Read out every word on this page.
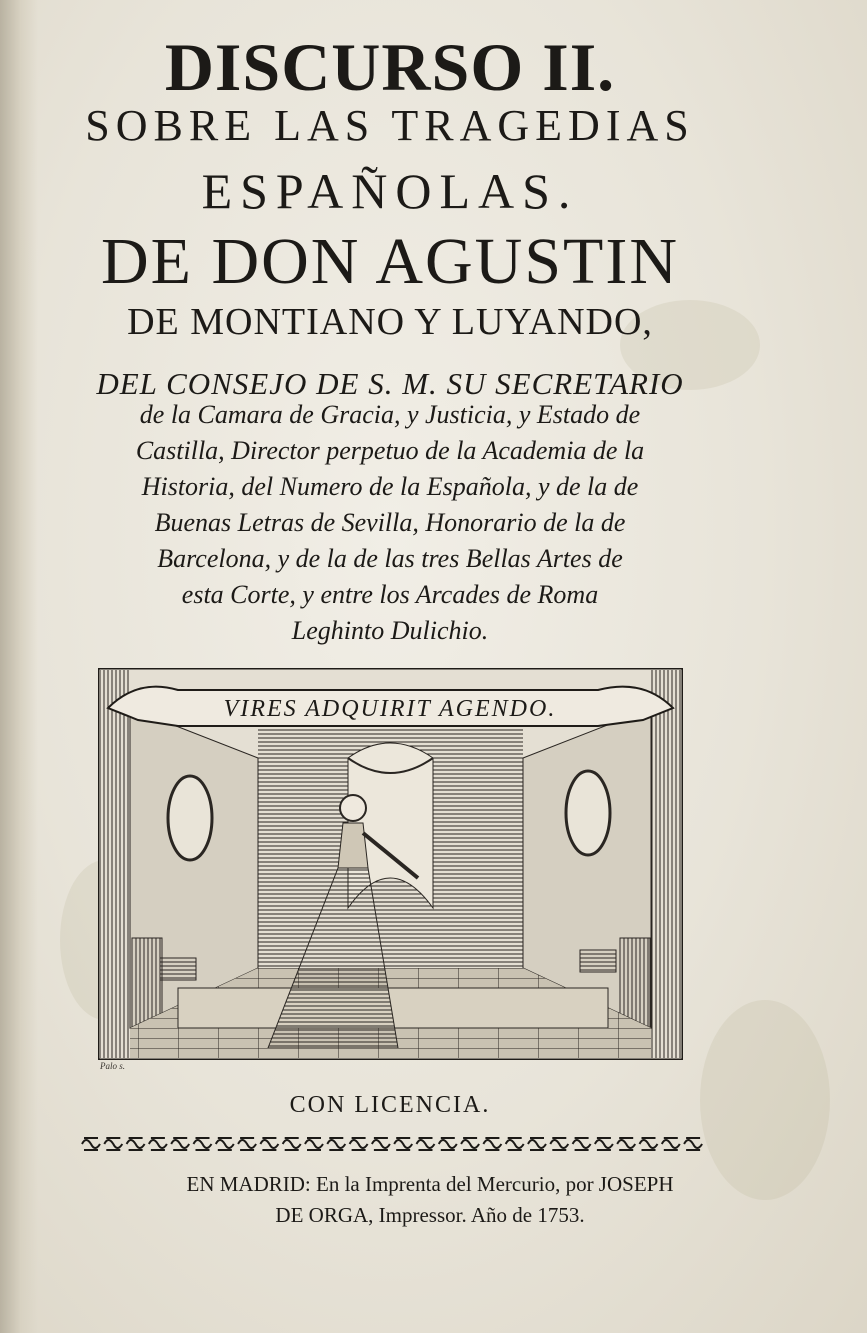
DISCURSO II.
SOBRE LAS TRAGEDIAS
ESPAÑOLAS.
DE DON AGUSTIN
DE MONTIANO Y LUYANDO,
DEL CONSEJO DE S. M. SU SECRETARIO
de la Camara de Gracia, y Justicia, y Estado de
Castilla, Director perpetuo de la Academia de la
Historia, del Numero de la Española, y de la de
Buenas Letras de Sevilla, Honorario de la de
Barcelona, y de la de las tres Bellas Artes de
esta Corte, y entre los Arcades de Roma
Leghinto Dulichio.
VIRES ADQUIRIT AGENDO.
Palo s.
CON LICENCIA.
EN MADRID: En la Imprenta del Mercurio, por JOSEPH
DE ORGA, Impressor. Año de 1753.
